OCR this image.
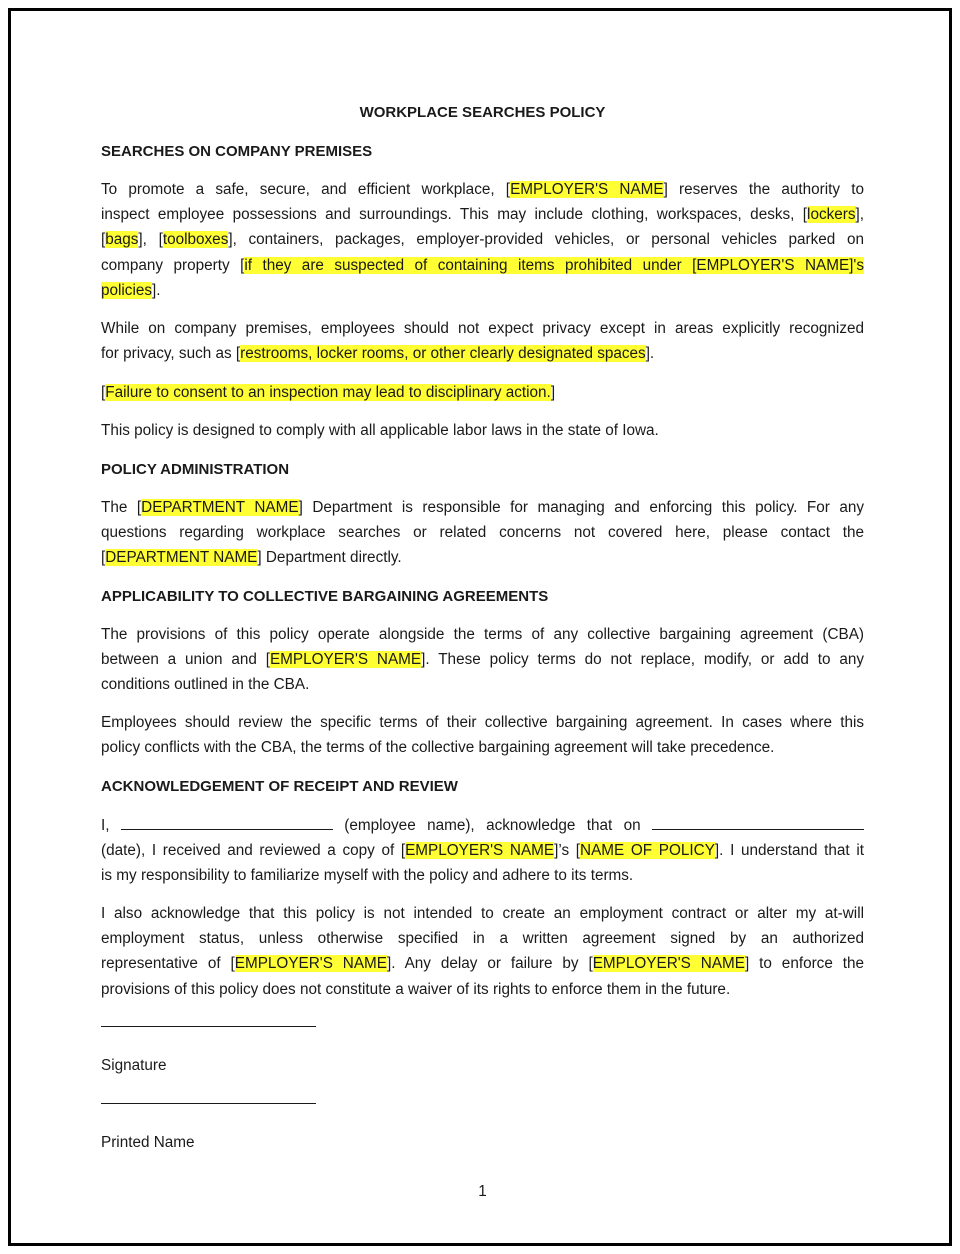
WORKPLACE SEARCHES POLICY
SEARCHES ON COMPANY PREMISES
To promote a safe, secure, and efficient workplace, [EMPLOYER'S NAME] reserves the authority to
inspect employee possessions and surroundings. This may include clothing, workspaces, desks, [lockers],
[bags], [toolboxes], containers, packages, employer-provided vehicles, or personal vehicles parked on
company property [if they are suspected of containing items prohibited under [EMPLOYER'S NAME]'s
policies].
While on company premises, employees should not expect privacy except in areas explicitly recognized
for privacy, such as [restrooms, locker rooms, or other clearly designated spaces].
[Failure to consent to an inspection may lead to disciplinary action.]
This policy is designed to comply with all applicable labor laws in the state of Iowa.
POLICY ADMINISTRATION
The [DEPARTMENT NAME] Department is responsible for managing and enforcing this policy. For any
questions regarding workplace searches or related concerns not covered here, please contact the
[DEPARTMENT NAME] Department directly.
APPLICABILITY TO COLLECTIVE BARGAINING AGREEMENTS
The provisions of this policy operate alongside the terms of any collective bargaining agreement (CBA)
between a union and [EMPLOYER'S NAME]. These policy terms do not replace, modify, or add to any
conditions outlined in the CBA.
Employees should review the specific terms of their collective bargaining agreement. In cases where this
policy conflicts with the CBA, the terms of the collective bargaining agreement will take precedence.
ACKNOWLEDGEMENT OF RECEIPT AND REVIEW
I,	(employee name), acknowledge that on
(date), I received and reviewed a copy of [EMPLOYER'S NAME]’s [NAME OF POLICY]. I understand that it
is my responsibility to familiarize myself with the policy and adhere to its terms.
I also acknowledge that this policy is not intended to create an employment contract or alter my at-will
employment status, unless otherwise specified in a written agreement signed by an authorized
representative of [EMPLOYER'S NAME]. Any delay or failure by [EMPLOYER'S NAME] to enforce the
provisions of this policy does not constitute a waiver of its rights to enforce them in the future.
Signature
Printed Name
1
